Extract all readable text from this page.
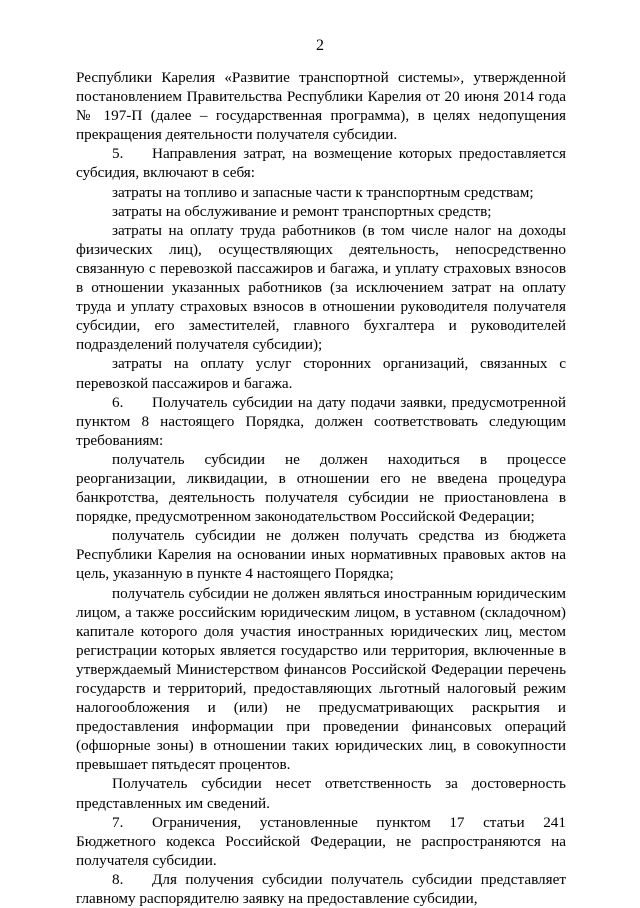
2

Республики Карелия «Развитие транспортной системы», утвержденной постановлением Правительства Республики Карелия от 20 июня 2014 года № 197-П (далее – государственная программа), в целях недопущения прекращения деятельности получателя субсидии.

5. Направления затрат, на возмещение которых предоставляется субсидия, включают в себя:

затраты на топливо и запасные части к транспортным средствам;

затраты на обслуживание и ремонт транспортных средств;

затраты на оплату труда работников (в том числе налог на доходы физических лиц), осуществляющих деятельность, непосредственно связанную с перевозкой пассажиров и багажа, и уплату страховых взносов в отношении указанных работников (за исключением затрат на оплату труда и уплату страховых взносов в отношении руководителя получателя субсидии, его заместителей, главного бухгалтера и руководителей подразделений получателя субсидии);

затраты на оплату услуг сторонних организаций, связанных с перевозкой пассажиров и багажа.

6. Получатель субсидии на дату подачи заявки, предусмотренной пунктом 8 настоящего Порядка, должен соответствовать следующим требованиям:

получатель субсидии не должен находиться в процессе реорганизации, ликвидации, в отношении его не введена процедура банкротства, деятельность получателя субсидии не приостановлена в порядке, предусмотренном законодательством Российской Федерации;

получатель субсидии не должен получать средства из бюджета Республики Карелия на основании иных нормативных правовых актов на цель, указанную в пункте 4 настоящего Порядка;

получатель субсидии не должен являться иностранным юридическим лицом, а также российским юридическим лицом, в уставном (складочном) капитале которого доля участия иностранных юридических лиц, местом регистрации которых является государство или территория, включенные в утверждаемый Министерством финансов Российской Федерации перечень государств и территорий, предоставляющих льготный налоговый режим налогообложения и (или) не предусматривающих раскрытия и предоставления информации при проведении финансовых операций (офшорные зоны) в отношении таких юридических лиц, в совокупности превышает пятьдесят процентов.

Получатель субсидии несет ответственность за достоверность представленных им сведений.

7. Ограничения, установленные пунктом 17 статьи 241 Бюджетного кодекса Российской Федерации, не распространяются на получателя субсидии.

8. Для получения субсидии получатель субсидии представляет главному распорядителю заявку на предоставление субсидии,
